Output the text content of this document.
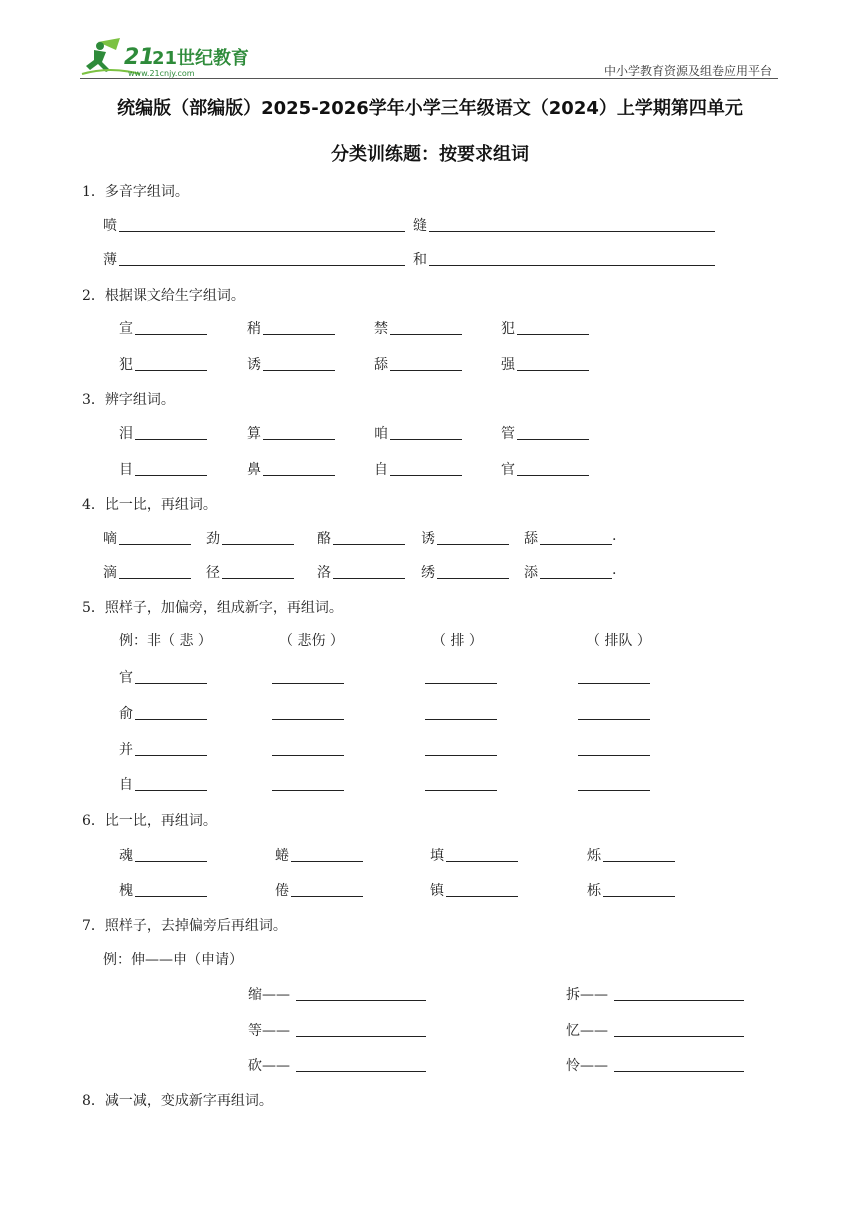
21
21世纪教育
www.21cnjy.com	中小学教育资源及组卷应用平台
统编版（部编版）2025-2026学年小学三年级语文（2024）上学期第四单元
分类训练题：按要求组词
1．多音字组词。
喷	缝
薄	和
2．根据课文给生字组词。
宣	稍	禁	犯
犯	诱	舔	强
3．辨字组词。
泪	算	咱	管
目	鼻	自	官
4．比一比，再组词。
嘀	劲	酪	诱	舔	.
滴	径	洛	绣	添	.
5．照样子，加偏旁，组成新字，再组词。
例：非（ 悲 ）	（ 悲伤 ）	（ 排 ）	（ 排队 ）
官
俞
并
自
6．比一比，再组词。
魂	蜷	填	烁
槐	倦	镇	栎
7．照样子，去掉偏旁后再组词。
例：伸——申（申请）
缩——	拆——
等——	忆——
砍——	怜——
8．减一减，变成新字再组词。
